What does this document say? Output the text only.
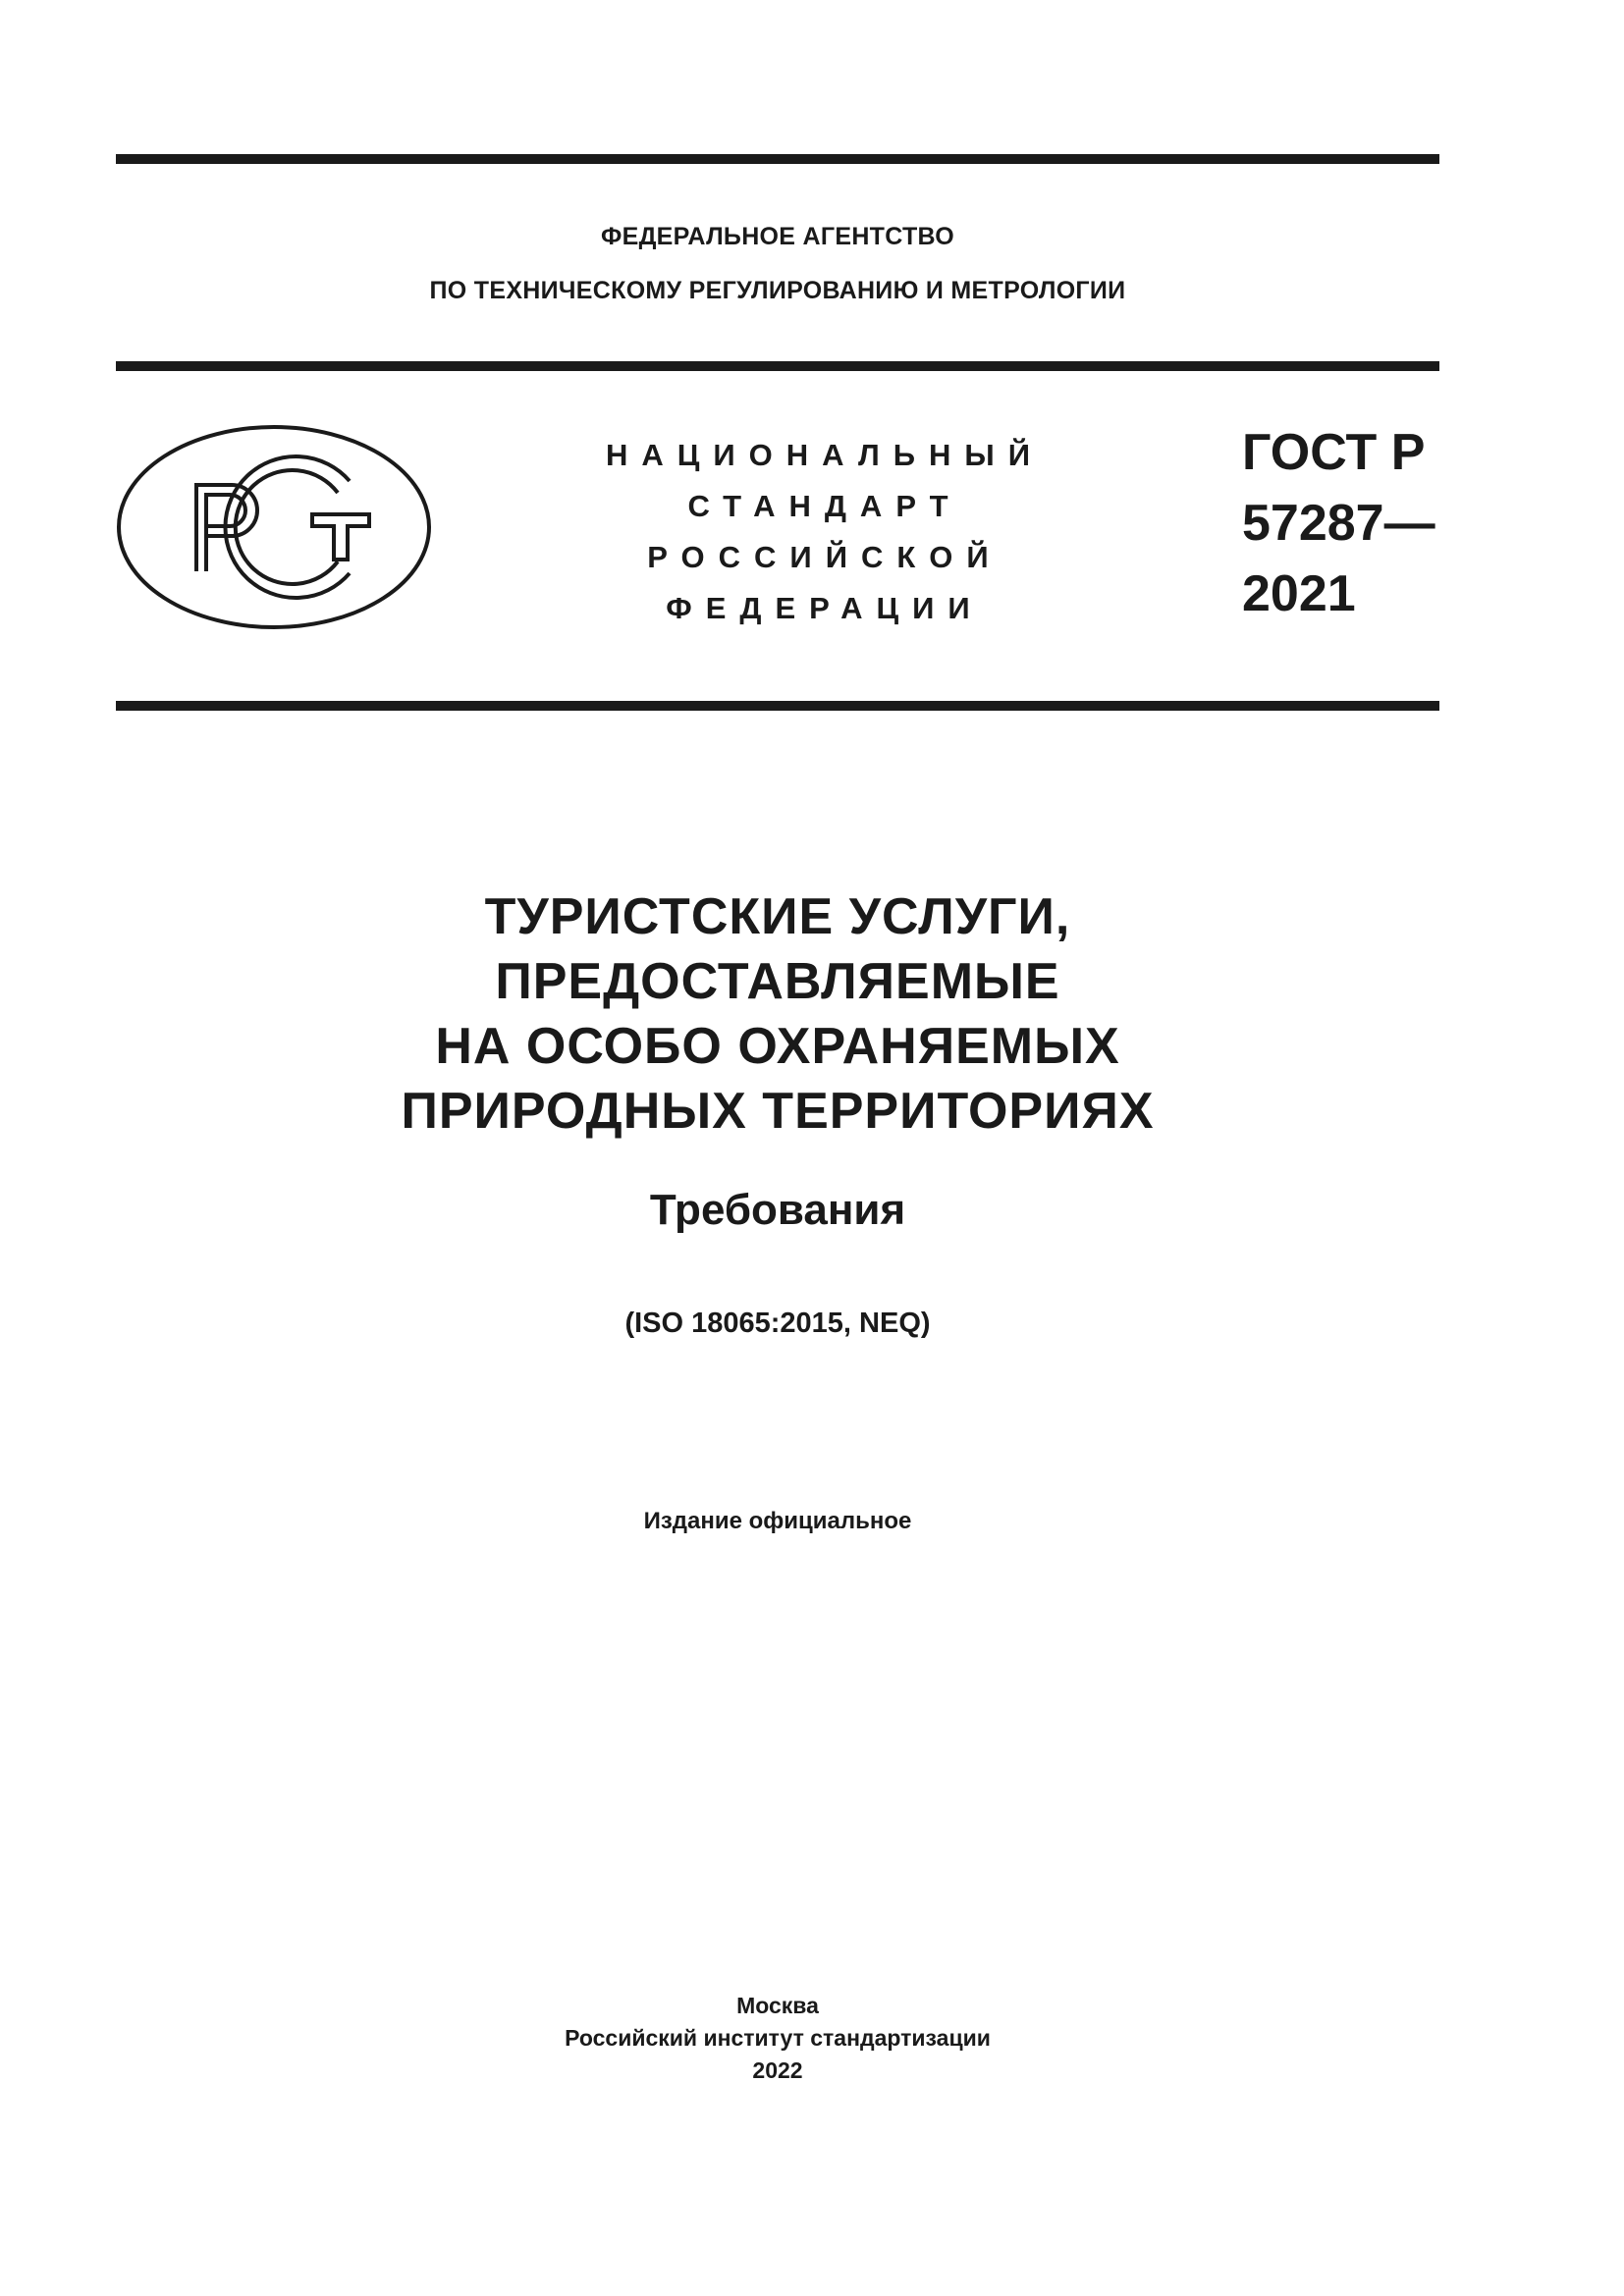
ФЕДЕРАЛЬНОЕ АГЕНТСТВО
ПО ТЕХНИЧЕСКОМУ РЕГУЛИРОВАНИЮ И МЕТРОЛОГИИ
НАЦИОНАЛЬНЫЙ
СТАНДАРТ
РОССИЙСКОЙ
ФЕДЕРАЦИИ
ГОСТ Р
57287—
2021
ТУРИСТСКИЕ УСЛУГИ,
ПРЕДОСТАВЛЯЕМЫЕ
НА ОСОБО ОХРАНЯЕМЫХ
ПРИРОДНЫХ ТЕРРИТОРИЯХ
Требования
(ISO 18065:2015, NEQ)
Издание официальное
Москва
Российский институт стандартизации
2022
